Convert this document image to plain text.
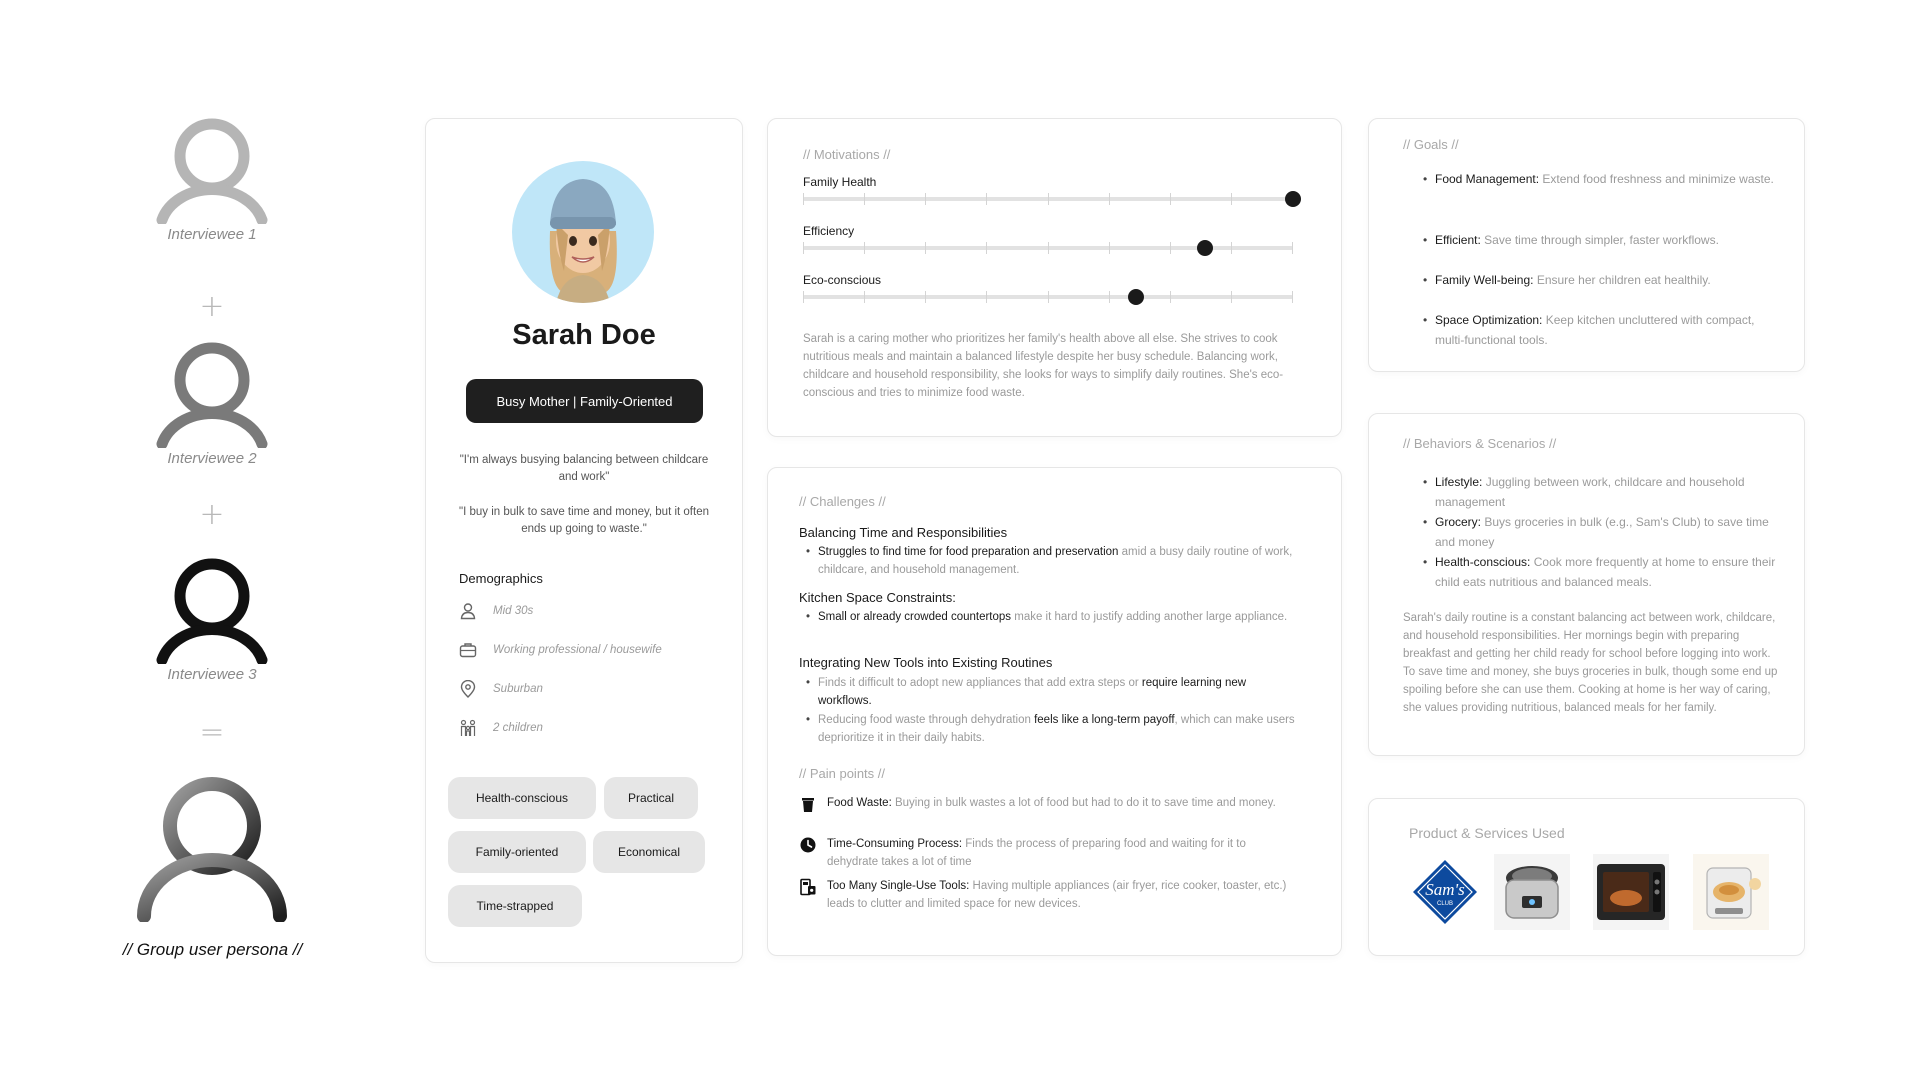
Interviewee 1
+
Interviewee 2
+
Interviewee 3
=
// Group user persona //
Sarah Doe
Busy Mother | Family-Oriented
"I'm always busying balancing between childcare and work"
"I buy in bulk to save time and money, but it often ends up going to waste."
Demographics
Mid 30s
Working professional / housewife
Suburban
2 children
Health-conscious	Practical
Family-oriented	Economical
Time-strapped
// Motivations //
Family Health
Efficiency
Eco-conscious
Sarah is a caring mother who prioritizes her family's health above all else. She strives to cook nutritious meals and maintain a balanced lifestyle despite her busy schedule. Balancing work, childcare and household responsibility, she looks for ways to simplify daily routines. She's eco-conscious and tries to minimize food waste.
// Challenges //
Balancing Time and Responsibilities
• Struggles to find time for food preparation and preservation amid a busy daily routine of work, childcare, and household management.
Kitchen Space Constraints:
• Small or already crowded countertops make it hard to justify adding another large appliance.
Integrating New Tools into Existing Routines
• Finds it difficult to adopt new appliances that add extra steps or require learning new workflows.
• Reducing food waste through dehydration feels like a long-term payoff, which can make users deprioritize it in their daily habits.
// Pain points //
Food Waste: Buying in bulk wastes a lot of food but had to do it to save time and money.
Time-Consuming Process: Finds the process of preparing food and waiting for it to dehydrate takes a lot of time
Too Many Single-Use Tools: Having multiple appliances (air fryer, rice cooker, toaster, etc.) leads to clutter and limited space for new devices.
// Goals //
• Food Management: Extend food freshness and minimize waste.
• Efficient: Save time through simpler, faster workflows.
• Family Well-being: Ensure her children eat healthily.
• Space Optimization: Keep kitchen uncluttered with compact, multi-functional tools.
// Behaviors & Scenarios //
• Lifestyle: Juggling between work, childcare and household management
• Grocery: Buys groceries in bulk (e.g., Sam's Club) to save time and money
• Health-conscious: Cook more frequently at home to ensure their child eats nutritious and balanced meals.
Sarah's daily routine is a constant balancing act between work, childcare, and household responsibilities. Her mornings begin with preparing breakfast and getting her child ready for school before logging into work. To save time and money, she buys groceries in bulk, though some end up spoiling before she can use them. Cooking at home is her way of caring, she values providing nutritious, balanced meals for her family.
Product & Services Used
Sam's
CLUB
